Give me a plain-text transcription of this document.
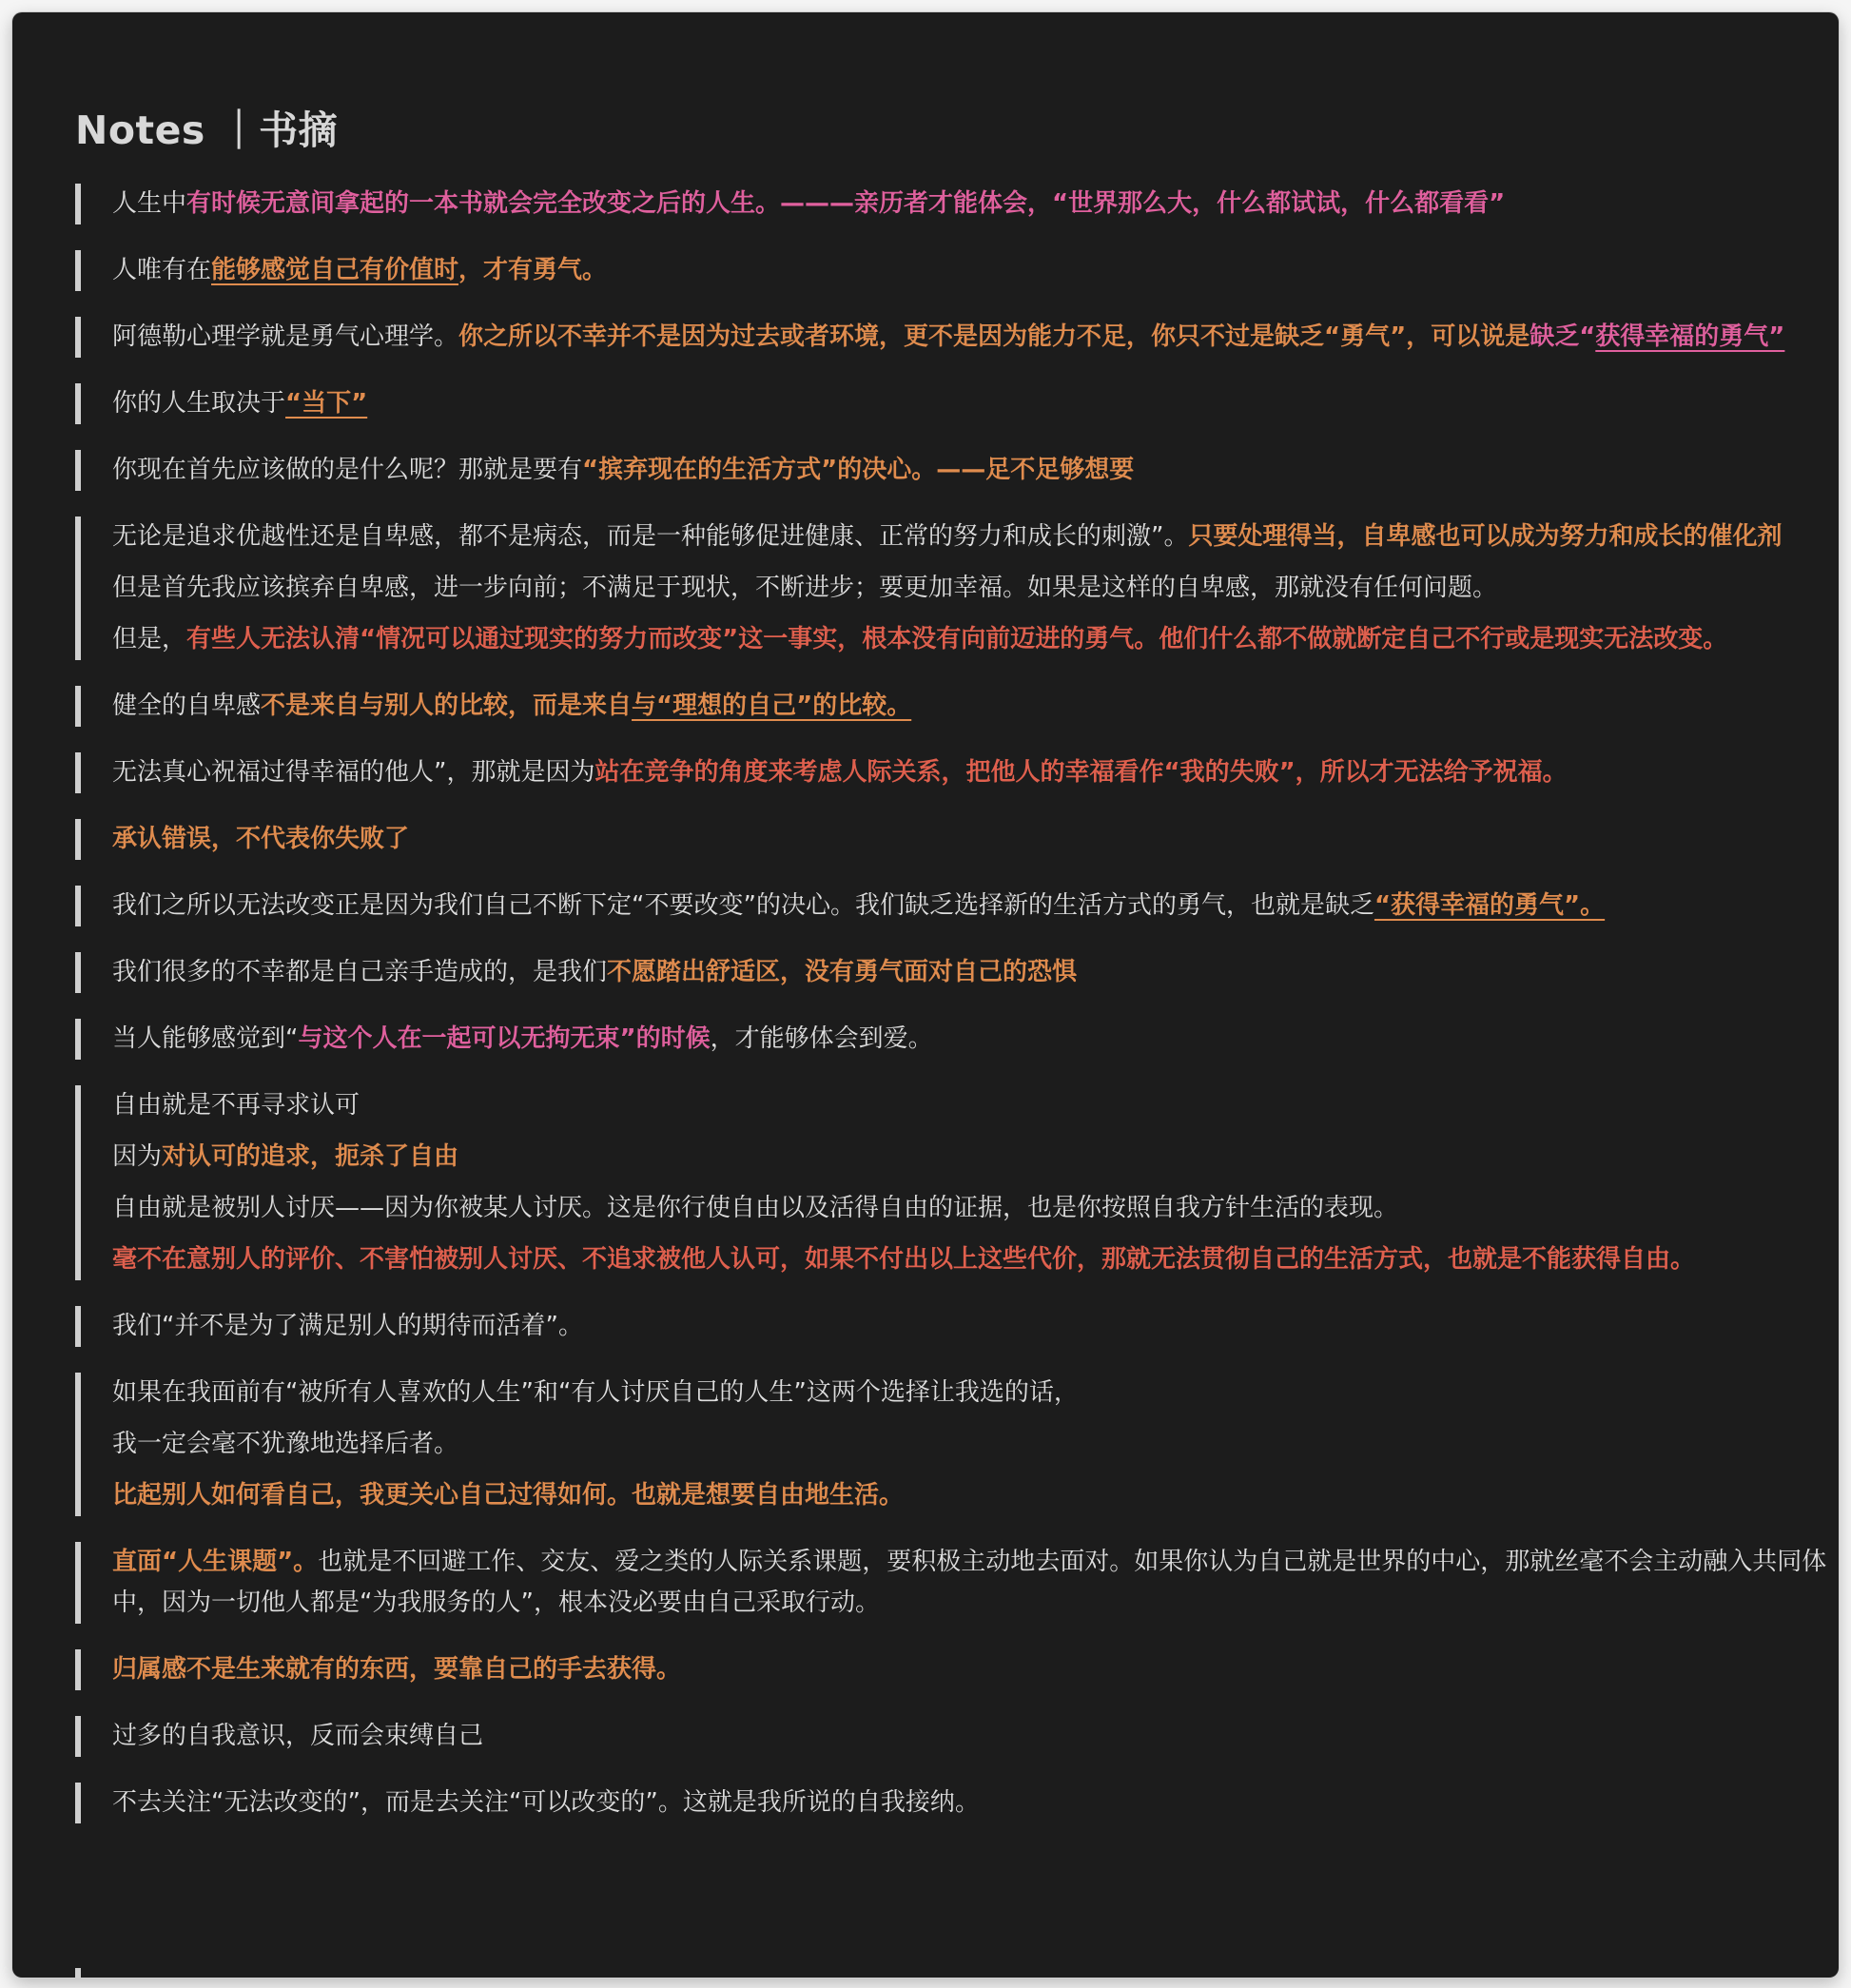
Notes ｜书摘

人生中有时候无意间拿起的一本书就会完全改变之后的人生。———亲历者才能体会，“世界那么大，什么都试试，什么都看看”

人唯有在能够感觉自己有价值时，才有勇气。

阿德勒心理学就是勇气心理学。你之所以不幸并不是因为过去或者环境，更不是因为能力不足，你只不过是缺乏“勇气”，可以说是缺乏“获得幸福的勇气”

你的人生取决于“当下”

你现在首先应该做的是什么呢？那就是要有“摈弃现在的生活方式”的决心。——足不足够想要

无论是追求优越性还是自卑感，都不是病态，而是一种能够促进健康、正常的努力和成长的刺激”。只要处理得当，自卑感也可以成为努力和成长的催化剂

但是首先我应该摈弃自卑感，进一步向前；不满足于现状，不断进步；要更加幸福。如果是这样的自卑感，那就没有任何问题。

但是，有些人无法认清“情况可以通过现实的努力而改变”这一事实，根本没有向前迈进的勇气。他们什么都不做就断定自己不行或是现实无法改变。

健全的自卑感不是来自与别人的比较，而是来自与“理想的自己”的比较。

无法真心祝福过得幸福的他人”，那就是因为站在竞争的角度来考虑人际关系，把他人的幸福看作“我的失败”，所以才无法给予祝福。

承认错误，不代表你失败了

我们之所以无法改变正是因为我们自己不断下定“不要改变”的决心。我们缺乏选择新的生活方式的勇气，也就是缺乏“获得幸福的勇气”。

我们很多的不幸都是自己亲手造成的，是我们不愿踏出舒适区，没有勇气面对自己的恐惧

当人能够感觉到“与这个人在一起可以无拘无束”的时候，才能够体会到爱。

自由就是不再寻求认可

因为对认可的追求，扼杀了自由

自由就是被别人讨厌——因为你被某人讨厌。这是你行使自由以及活得自由的证据，也是你按照自我方针生活的表现。

毫不在意别人的评价、不害怕被别人讨厌、不追求被他人认可，如果不付出以上这些代价，那就无法贯彻自己的生活方式，也就是不能获得自由。

我们“并不是为了满足别人的期待而活着”。

如果在我面前有“被所有人喜欢的人生”和“有人讨厌自己的人生”这两个选择让我选的话，

我一定会毫不犹豫地选择后者。

比起别人如何看自己，我更关心自己过得如何。也就是想要自由地生活。

直面“人生课题”。也就是不回避工作、交友、爱之类的人际关系课题，要积极主动地去面对。如果你认为自己就是世界的中心，那就丝毫不会主动融入共同体中，因为一切他人都是“为我服务的人”，根本没必要由自己采取行动。

归属感不是生来就有的东西，要靠自己的手去获得。

过多的自我意识，反而会束缚自己

不去关注“无法改变的”，而是去关注“可以改变的”。这就是我所说的自我接纳。
